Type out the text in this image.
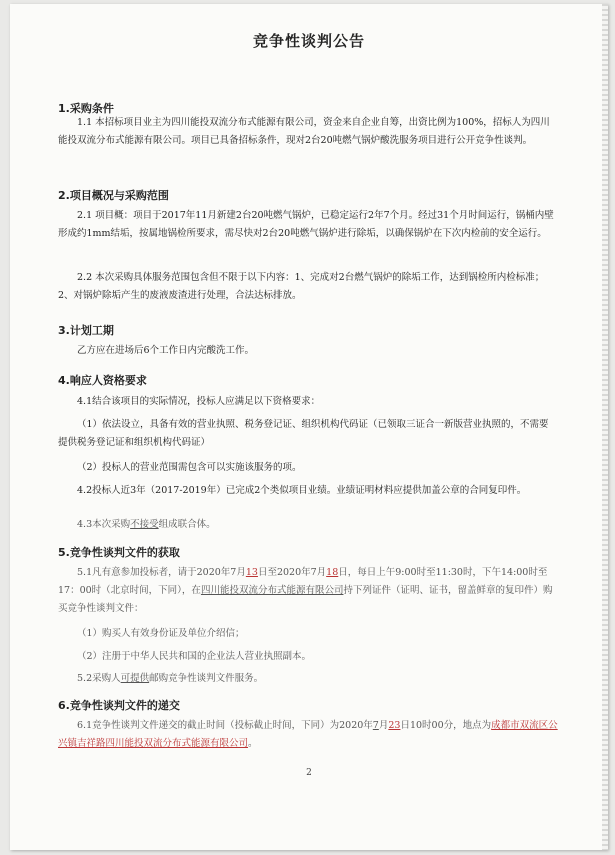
竞争性谈判公告
1.采购条件

1.1 本招标项目业主为四川能投双流分布式能源有限公司，资金来自企业自筹，出资比例为100%，招标人为四川能投双流分布式能源有限公司。项目已具备招标条件，现对2台20吨燃气锅炉酸洗服务项目进行公开竞争性谈判。

2.项目概况与采购范围

2.1 项目概：项目于2017年11月新建2台20吨燃气锅炉，已稳定运行2年7个月。经过31个月时间运行，锅桶内壁形成约1mm结垢，按属地锅检所要求，需尽快对2台20吨燃气锅炉进行除垢，以确保锅炉在下次内检前的安全运行。

2.2 本次采购具体服务范围包含但不限于以下内容：1、完成对2台燃气锅炉的除垢工作，达到锅检所内检标准；2、对锅炉除垢产生的废液废渣进行处理，合法达标排放。

3.计划工期

乙方应在进场后6个工作日内完酸洗工作。

4.响应人资格要求

4.1结合该项目的实际情况，投标人应满足以下资格要求：

（1）依法设立，具备有效的营业执照、税务登记证、组织机构代码证（已领取三证合一新版营业执照的，不需要提供税务登记证和组织机构代码证）

（2）投标人的营业范围需包含可以实施该服务的项。

4.2投标人近3年（2017-2019年）已完成2个类似项目业绩。业绩证明材料应提供加盖公章的合同复印件。

4.3本次采购不接受组成联合体。

5.竞争性谈判文件的获取

5.1凡有意参加投标者，请于2020年7月13日至2020年7月18日，每日上午9:00时至11:30时，下午14:00时至17：00时（北京时间，下同），在四川能投双流分布式能源有限公司持下列证件（证明、证书，留盖鲜章的复印件）购买竞争性谈判文件：

（1）购买人有效身份证及单位介绍信；

（2）注册于中华人民共和国的企业法人营业执照副本。

5.2采购人可提供邮购竞争性谈判文件服务。

6.竞争性谈判文件的递交

6.1竞争性谈判文件递交的截止时间（投标截止时间，下同）为2020年7月23日10时00分，地点为成都市双流区公兴镇吉祥路四川能投双流分布式能源有限公司。

2
